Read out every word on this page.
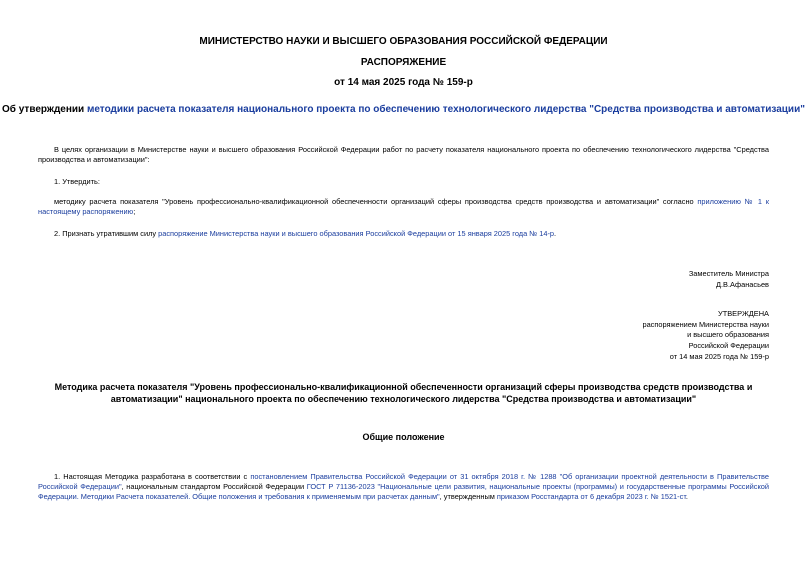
МИНИСТЕРСТВО НАУКИ И ВЫСШЕГО ОБРАЗОВАНИЯ РОССИЙСКОЙ ФЕДЕРАЦИИ
РАСПОРЯЖЕНИЕ
от 14 мая 2025 года № 159-р
Об утверждении методики расчета показателя национального проекта по обеспечению технологического лидерства "Средства производства и автоматизации"
В целях организации в Министерстве науки и высшего образования Российской Федерации работ по расчету показателя национального проекта по обеспечению технологического лидерства "Средства производства и автоматизации":
1. Утвердить:
методику расчета показателя "Уровень профессионально-квалификационной обеспеченности организаций сферы производства средств производства и автоматизации" согласно приложению № 1 к настоящему распоряжению;
2. Признать утратившим силу распоряжение Министерства науки и высшего образования Российской Федерации от 15 января 2025 года № 14-р.
Заместитель Министра
Д.В.Афанасьев
УТВЕРЖДЕНА
распоряжением Министерства науки
и высшего образования
Российской Федерации
от 14 мая 2025 года № 159-р
Методика расчета показателя "Уровень профессионально-квалификационной обеспеченности организаций сферы производства средств производства и
автоматизации" национального проекта по обеспечению технологического лидерства "Средства производства и автоматизации"
Общие положение
1. Настоящая Методика разработана в соответствии с постановлением Правительства Российской Федерации от 31 октября 2018 г. № 1288 "Об организации проектной деятельности в Правительстве Российской Федерации", национальным стандартом Российской Федерации ГОСТ Р 71136-2023 "Национальные цели развития, национальные проекты (программы) и государственные программы Российской Федерации. Методики Расчета показателей. Общие положения и требования к применяемым при расчетах данным", утвержденным приказом Росстандарта от 6 декабря 2023 г. № 1521-ст.
